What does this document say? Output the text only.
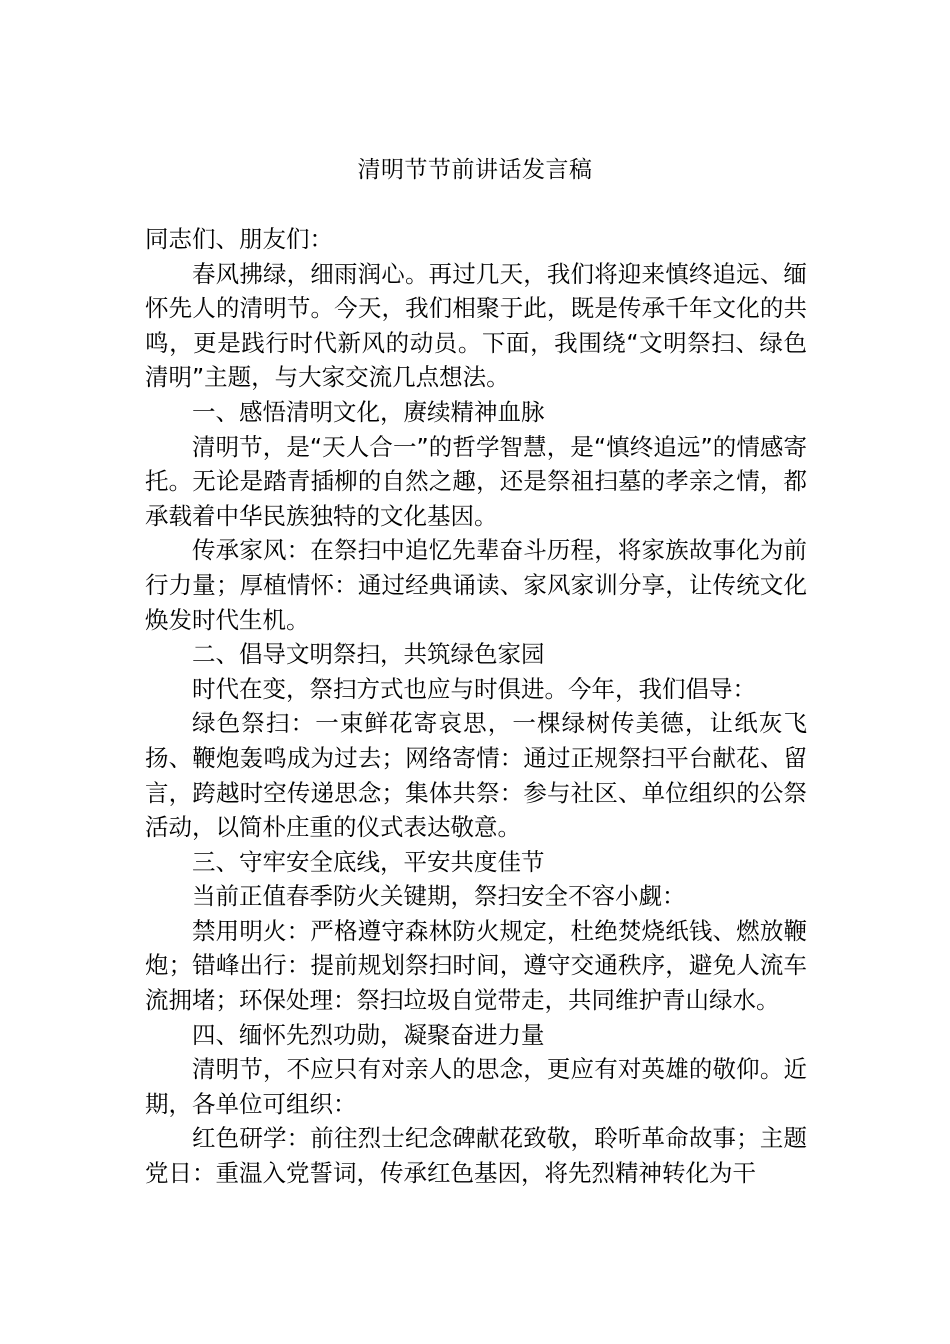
清明节节前讲话发言稿

同志们、朋友们：

春风拂绿，细雨润心。再过几天，我们将迎来慎终追远、缅怀先人的清明节。今天，我们相聚于此，既是传承千年文化的共鸣，更是践行时代新风的动员。下面，我围绕“文明祭扫、绿色清明”主题，与大家交流几点想法。

一、感悟清明文化，赓续精神血脉

清明节，是“天人合一”的哲学智慧，是“慎终追远”的情感寄托。无论是踏青插柳的自然之趣，还是祭祖扫墓的孝亲之情，都承载着中华民族独特的文化基因。

传承家风：在祭扫中追忆先辈奋斗历程，将家族故事化为前行力量；厚植情怀：通过经典诵读、家风家训分享，让传统文化焕发时代生机。

二、倡导文明祭扫，共筑绿色家园

时代在变，祭扫方式也应与时俱进。今年，我们倡导：

绿色祭扫：一束鲜花寄哀思，一棵绿树传美德，让纸灰飞扬、鞭炮轰鸣成为过去；网络寄情：通过正规祭扫平台献花、留言，跨越时空传递思念；集体共祭：参与社区、单位组织的公祭活动，以简朴庄重的仪式表达敬意。

三、守牢安全底线，平安共度佳节

当前正值春季防火关键期，祭扫安全不容小觑：

禁用明火：严格遵守森林防火规定，杜绝焚烧纸钱、燃放鞭炮；错峰出行：提前规划祭扫时间，遵守交通秩序，避免人流车流拥堵；环保处理：祭扫垃圾自觉带走，共同维护青山绿水。

四、缅怀先烈功勋，凝聚奋进力量

清明节，不应只有对亲人的思念，更应有对英雄的敬仰。近期，各单位可组织：

红色研学：前往烈士纪念碑献花致敬，聆听革命故事；主题党日：重温入党誓词，传承红色基因，将先烈精神转化为干
